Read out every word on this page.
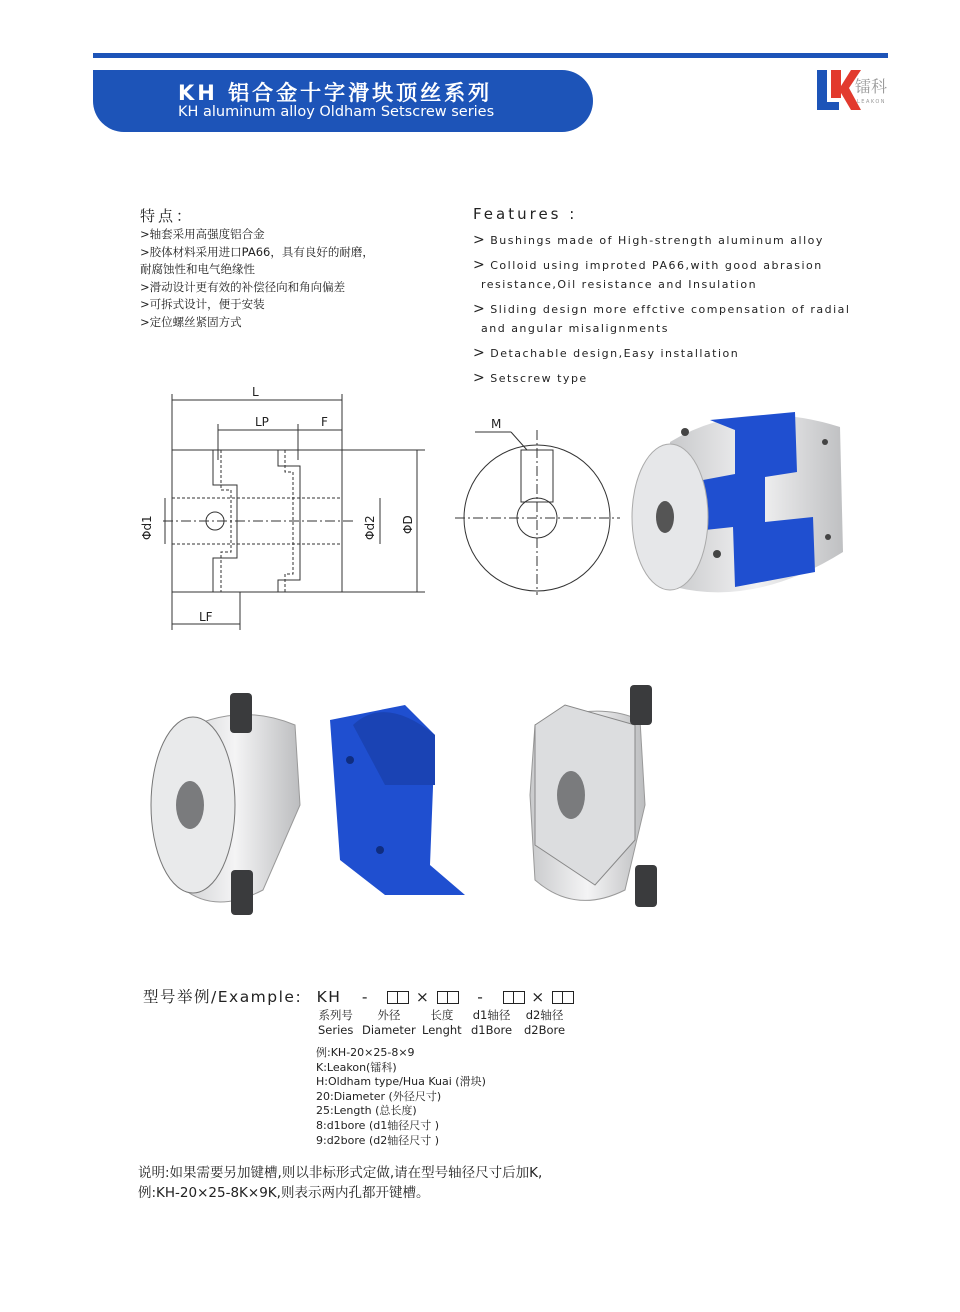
KH 铝合金十字滑块顶丝系列
KH aluminum alloy Oldham Setscrew series
镭科
LEAKON
特点：
>轴套采用高强度铝合金
>胶体材料采用进口PA66，具有良好的耐磨，
耐腐蚀性和电气绝缘性
>滑动设计更有效的补偿径向和角向偏差
>可拆式设计，便于安装
>定位螺丝紧固方式
Features :
> Bushings made of High-strength aluminum alloy
> Colloid using improted PA66,with good abrasion
resistance,Oil resistance and Insulation
> Sliding design more effctive compensation of radial
and angular misalignments
> Detachable design,Easy installation
> Setscrew type
L
LP	F
LF
Φd1	Φd2 ΦD
M
型号举例/Example: KH -	×	-	×
系列号
Series
外径
Diameter
长度
Lenght
d1轴径
d1Bore
d2轴径
d2Bore
例:KH-20×25-8×9
K:Leakon(镭科)
H:Oldham type/Hua Kuai (滑块)
20:Diameter (外径尺寸)
25:Length (总长度)
8:d1bore (d1轴径尺寸 )
9:d2bore (d2轴径尺寸 )
说明:如果需要另加键槽,则以非标形式定做,请在型号轴径尺寸后加K,
例:KH-20×25-8K×9K,则表示两内孔都开键槽。
